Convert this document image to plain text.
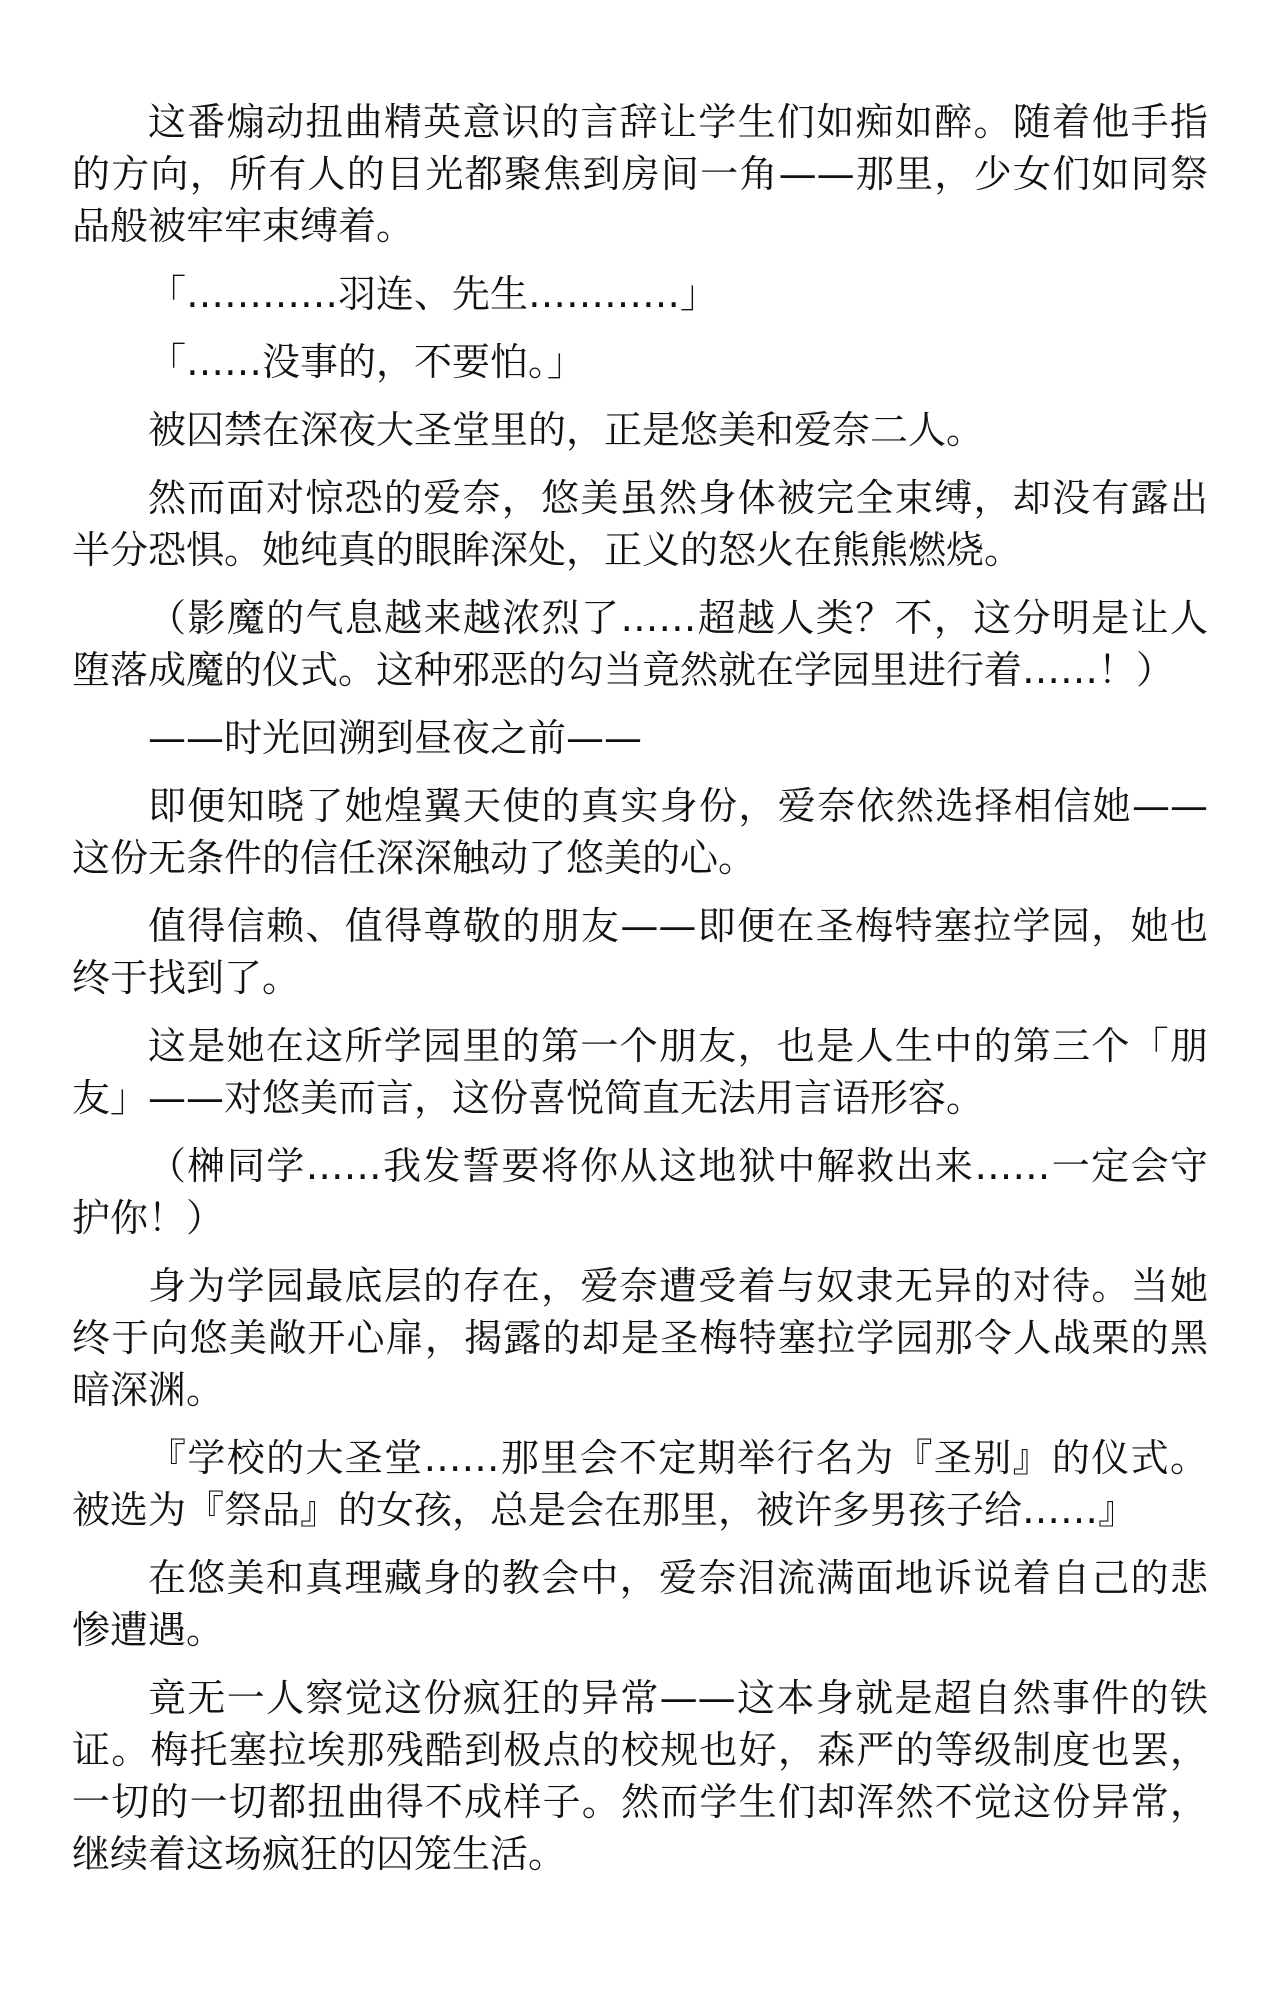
这番煽动扭曲精英意识的言辞让学生们如痴如醉。随着他手指的方向，所有人的目光都聚焦到房间一角——那里，少女们如同祭品般被牢牢束缚着。

「…………羽连、先生…………」

「……没事的，不要怕。」

被囚禁在深夜大圣堂里的，正是悠美和爱奈二人。

然而面对惊恐的爱奈，悠美虽然身体被完全束缚，却没有露出半分恐惧。她纯真的眼眸深处，正义的怒火在熊熊燃烧。

（影魔的气息越来越浓烈了……超越人类？不，这分明是让人堕落成魔的仪式。这种邪恶的勾当竟然就在学园里进行着……！）

——时光回溯到昼夜之前——

即便知晓了她煌翼天使的真实身份，爱奈依然选择相信她——这份无条件的信任深深触动了悠美的心。

值得信赖、值得尊敬的朋友——即便在圣梅特塞拉学园，她也终于找到了。

这是她在这所学园里的第一个朋友，也是人生中的第三个「朋友」——对悠美而言，这份喜悦简直无法用言语形容。

（榊同学……我发誓要将你从这地狱中解救出来……一定会守护你！）

身为学园最底层的存在，爱奈遭受着与奴隶无异的对待。当她终于向悠美敞开心扉，揭露的却是圣梅特塞拉学园那令人战栗的黑暗深渊。

『学校的大圣堂……那里会不定期举行名为『圣别』的仪式。被选为『祭品』的女孩，总是会在那里，被许多男孩子给……』

在悠美和真理藏身的教会中，爱奈泪流满面地诉说着自己的悲惨遭遇。

竟无一人察觉这份疯狂的异常——这本身就是超自然事件的铁证。梅托塞拉埃那残酷到极点的校规也好，森严的等级制度也罢，一切的一切都扭曲得不成样子。然而学生们却浑然不觉这份异常，继续着这场疯狂的囚笼生活。
